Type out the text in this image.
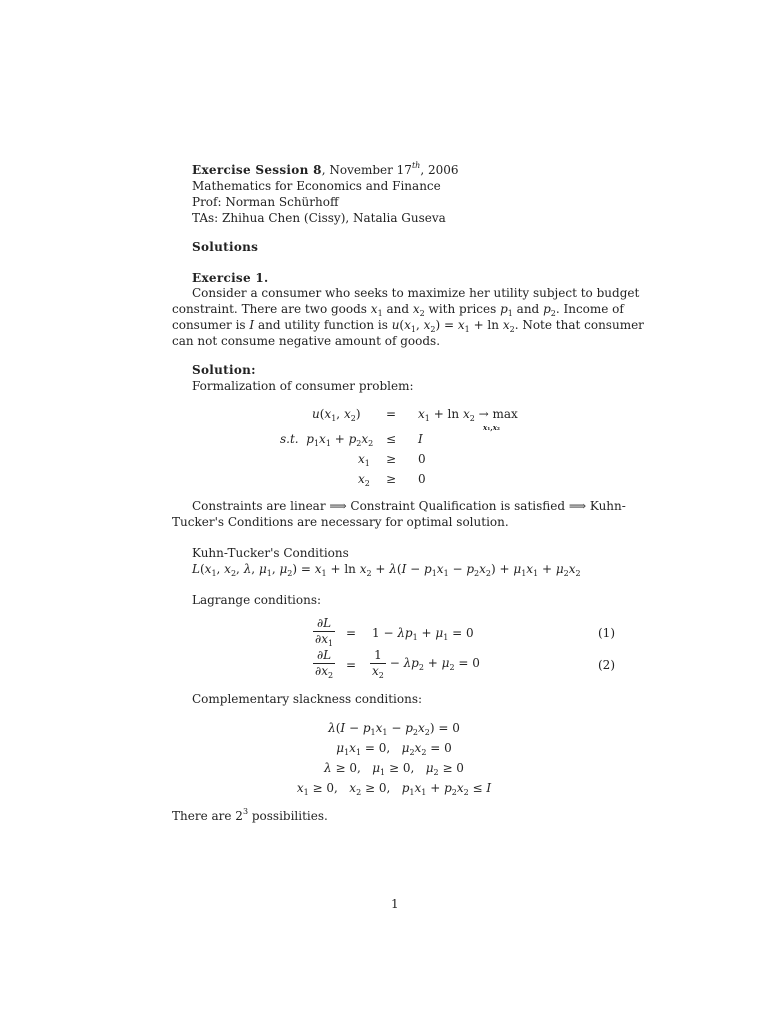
Exercise Session 8, November 17th, 2006
Mathematics for Economics and Finance
Prof: Norman Schürhoff
TAs: Zhihua Chen (Cissy), Natalia Guseva
Solutions
Exercise 1.
Consider a consumer who seeks to maximize her utility subject to budget
constraint. There are two goods $x_1$ and $x_2$ with prices $p_1$ and $p_2$. Income of
consumer is I and utility function is $u(x_1$, $x_2) = x_1 + \ln x_2$. Note that consumer
can not consume negative amount of goods.
Solution:
Formalization of consumer problem:
$u(x_1$, $x_2) = x_1 + \ln x_2 \to \max$
x₁,x₂
s.t. $p_1x_1 + p_2x_2 \le I$
$x_1 \ge 0$
$x_2 \ge 0$
Constraints are linear ⟹ Constraint Qualification is satisfied ⟹ Kuhn-
Tucker's Conditions are necessary for optimal solution.
Kuhn-Tucker's Conditions
$L(x_1$, $x_2$, λ, $\mu_1$, $\mu_2) = x_1 + \ln x_2 + \lambda(I - p_1x_1 - p_2x_2) + \mu_1x_1 + \mu_2x_2$
Lagrange conditions:
$\frac{\partial L}{\partial x_1} = 1 - \lambda p_1 + \mu_1 = 0$	(1)
$\frac{\partial L}{\partial x_2} = \frac{1}{x_2} - \lambda p_2 + \mu_2 = 0$	(2)
Complementary slackness conditions:
$\lambda(I - p_1x_1 - p_2x_2) = 0$
$\mu_1x_1 = 0$,   $\mu_2x_2 = 0$
λ ≥ 0,   $\mu_1 \ge 0$,   $\mu_2 \ge 0$
$x_1 \ge 0$,   $x_2 \ge 0$,   $p_1x_1 + p_2x_2 \le I$
There are $2^3$ possibilities.
1
